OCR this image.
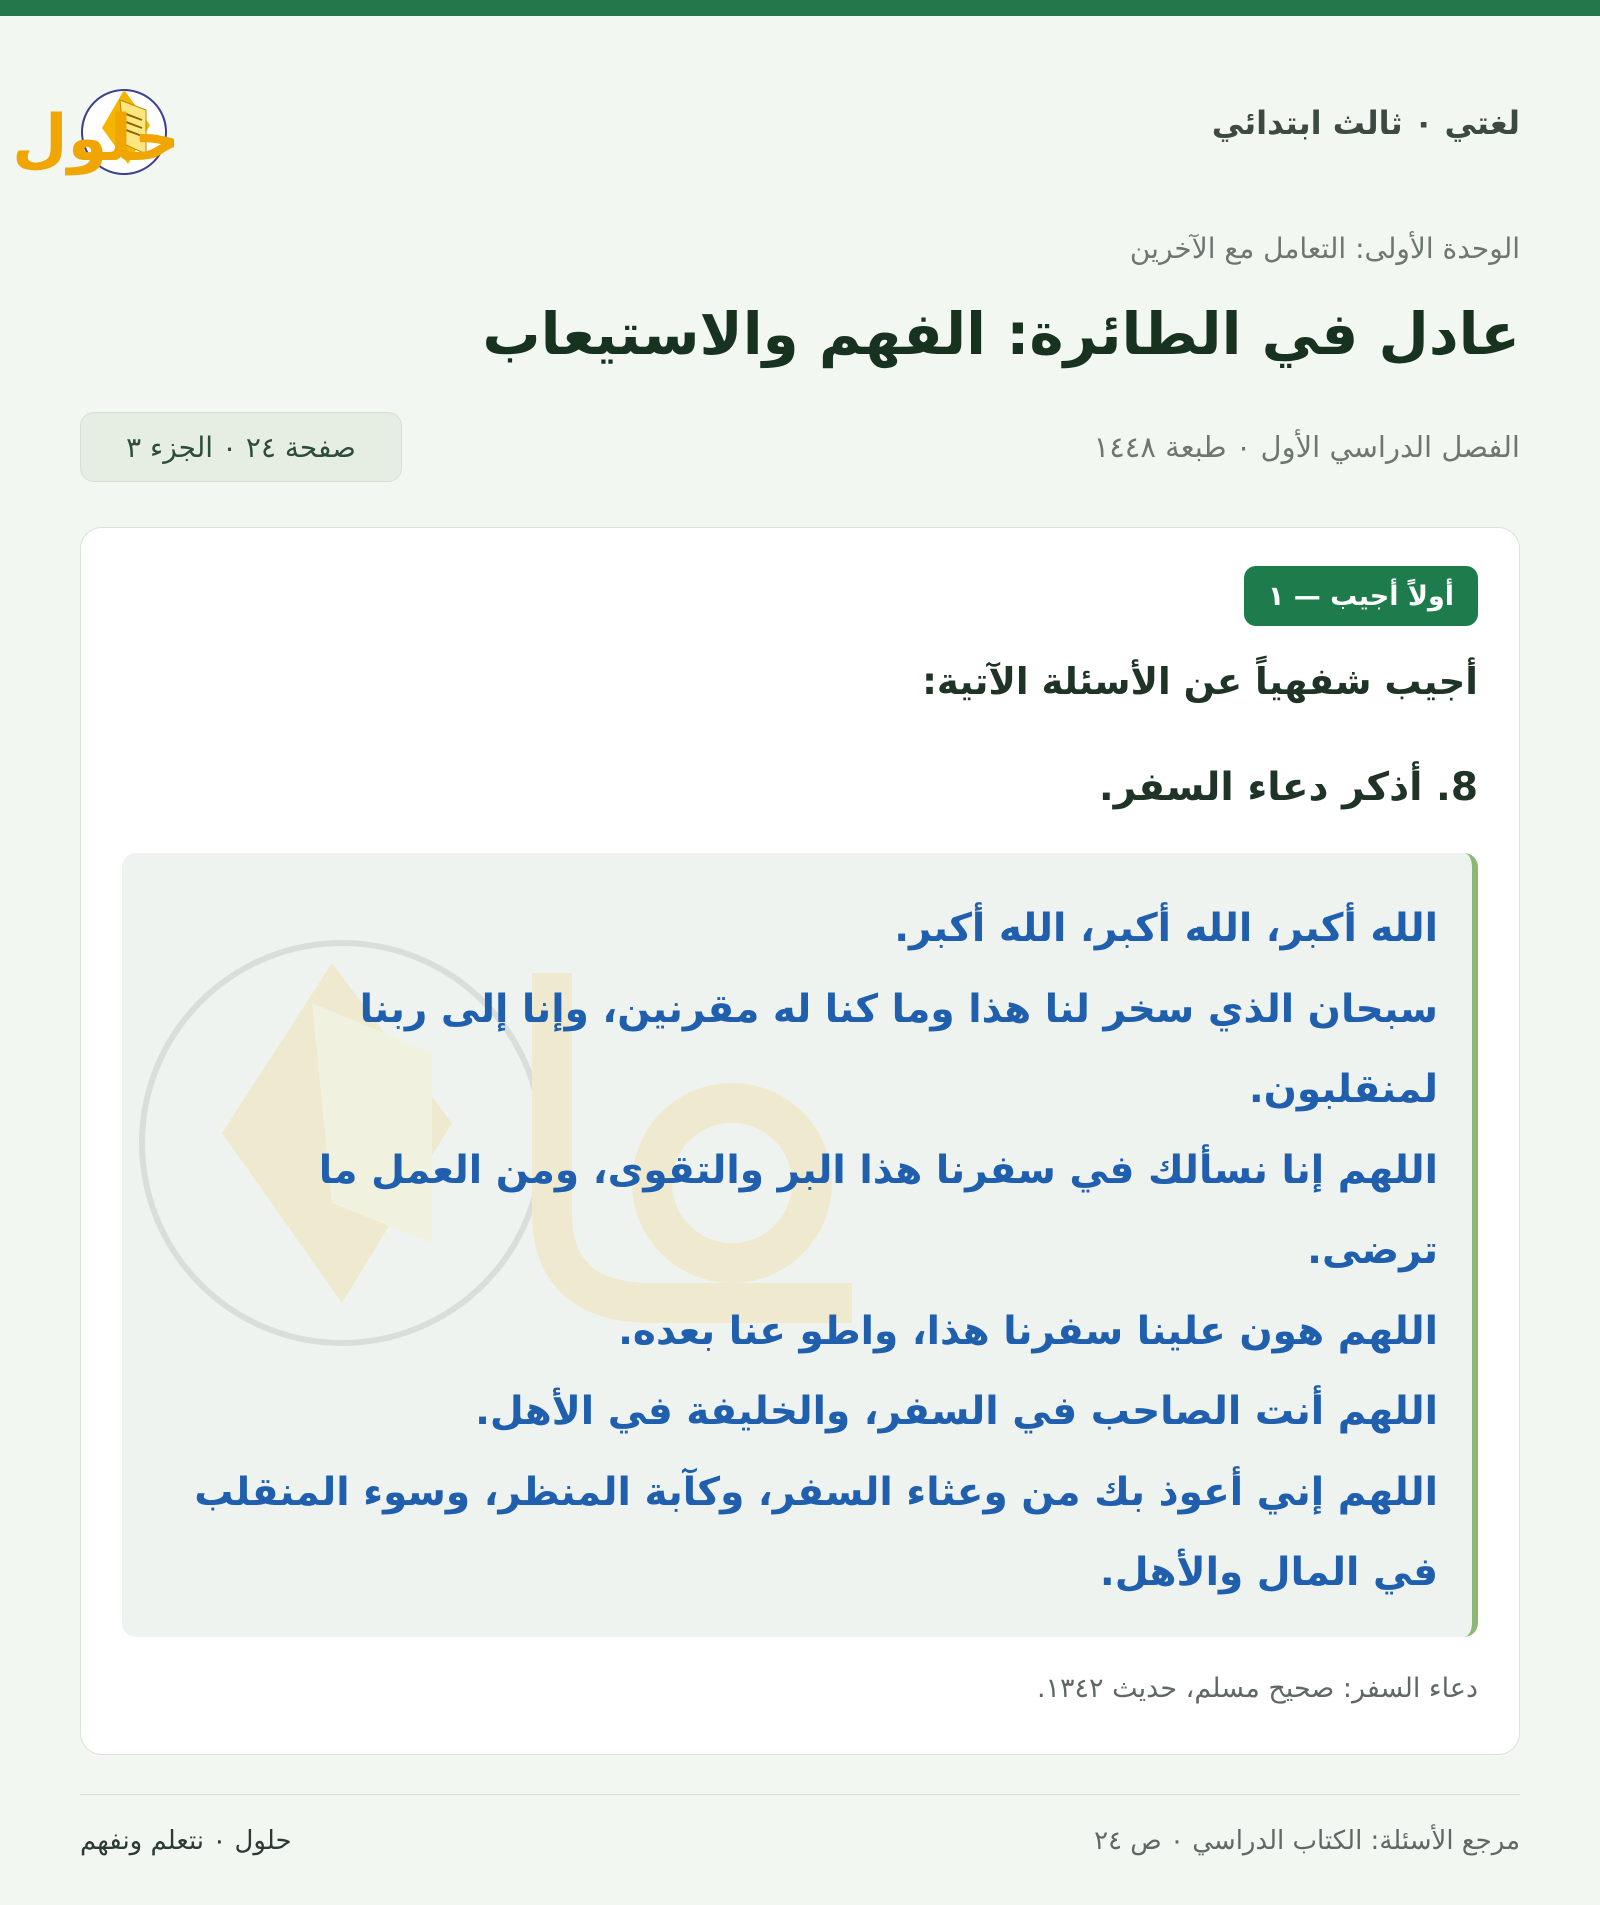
لغتي ٠ ثالث ابتدائي
حلول
الوحدة الأولى: التعامل مع الآخرين
عادل في الطائرة: الفهم والاستيعاب
الفصل الدراسي الأول ٠ طبعة ١٤٤٨
صفحة ٢٤ ٠ الجزء ٣
أولاً أجيب — ١
أجيب شفهياً عن الأسئلة الآتية:
8. أذكر دعاء السفر.
الله أكبر، الله أكبر، الله أكبر.
سبحان الذي سخر لنا هذا وما كنا له مقرنين، وإنا إلى ربنا
لمنقلبون.
اللهم إنا نسألك في سفرنا هذا البر والتقوى، ومن العمل ما
ترضى.
اللهم هون علينا سفرنا هذا، واطو عنا بعده.
اللهم أنت الصاحب في السفر، والخليفة في الأهل.
اللهم إني أعوذ بك من وعثاء السفر، وكآبة المنظر، وسوء المنقلب
في المال والأهل.
دعاء السفر: صحيح مسلم، حديث ١٣٤٢.
مرجع الأسئلة: الكتاب الدراسي ٠ ص ٢٤
حلول ٠ نتعلم ونفهم
